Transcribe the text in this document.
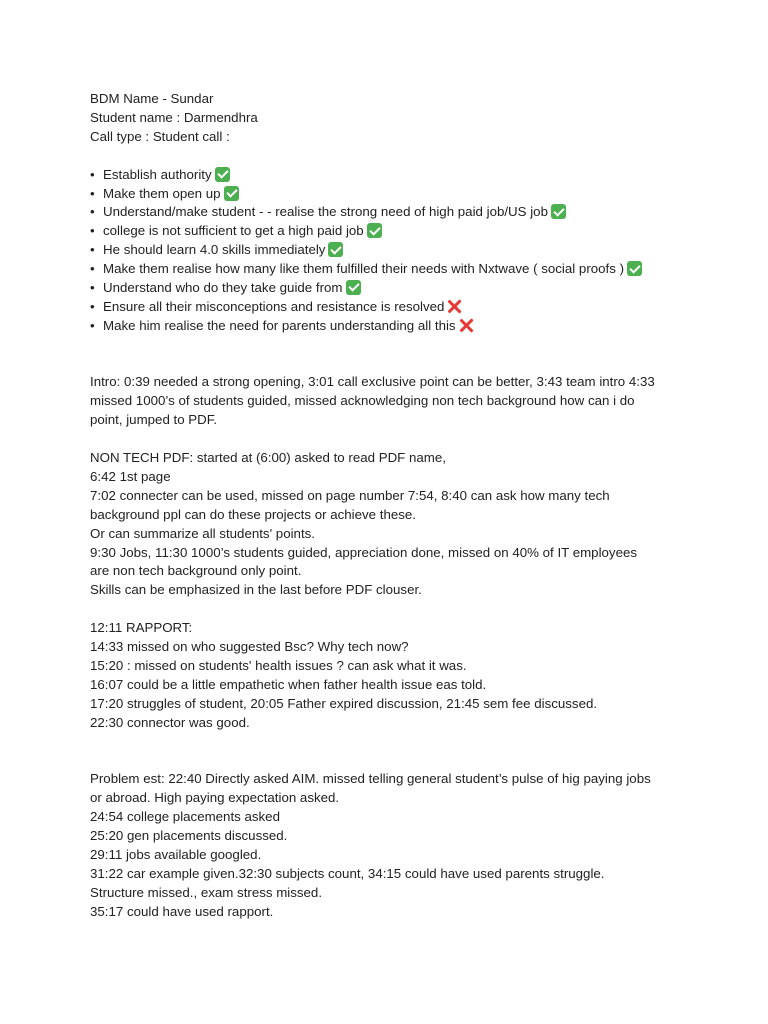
BDM Name - Sundar
Student name : Darmendhra
Call type : Student call :
• Establish authority
• Make them open up
• Understand/make student - - realise the strong need of high paid job/US job
• college is not sufficient to get a high paid job
• He should learn 4.0 skills immediately
• Make them realise how many like them fulfilled their needs with Nxtwave ( social proofs )
• Understand who do they take guide from
• Ensure all their misconceptions and resistance is resolved
• Make him realise the need for parents understanding all this
Intro: 0:39 needed a strong opening, 3:01 call exclusive point can be better, 3:43 team intro 4:33
missed 1000’s of students guided, missed acknowledging non tech background how can i do
point, jumped to PDF.
NON TECH PDF: started at (6:00) asked to read PDF name,
6:42 1st page
7:02 connecter can be used, missed on page number 7:54, 8:40 can ask how many tech
background ppl can do these projects or achieve these.
Or can summarize all students' points.
9:30 Jobs, 11:30 1000’s students guided, appreciation done, missed on 40% of IT employees
are non tech background only point.
Skills can be emphasized in the last before PDF clouser.
12:11 RAPPORT:
14:33 missed on who suggested Bsc? Why tech now?
15:20 : missed on students' health issues ? can ask what it was.
16:07 could be a little empathetic when father health issue eas told.
17:20 struggles of student, 20:05 Father expired discussion, 21:45 sem fee discussed.
22:30 connector was good.
Problem est: 22:40 Directly asked AIM. missed telling general student’s pulse of hig paying jobs
or abroad. High paying expectation asked.
24:54 college placements asked
25:20 gen placements discussed.
29:11 jobs available googled.
31:22 car example given.32:30 subjects count, 34:15 could have used parents struggle.
Structure missed., exam stress missed.
35:17 could have used rapport.
